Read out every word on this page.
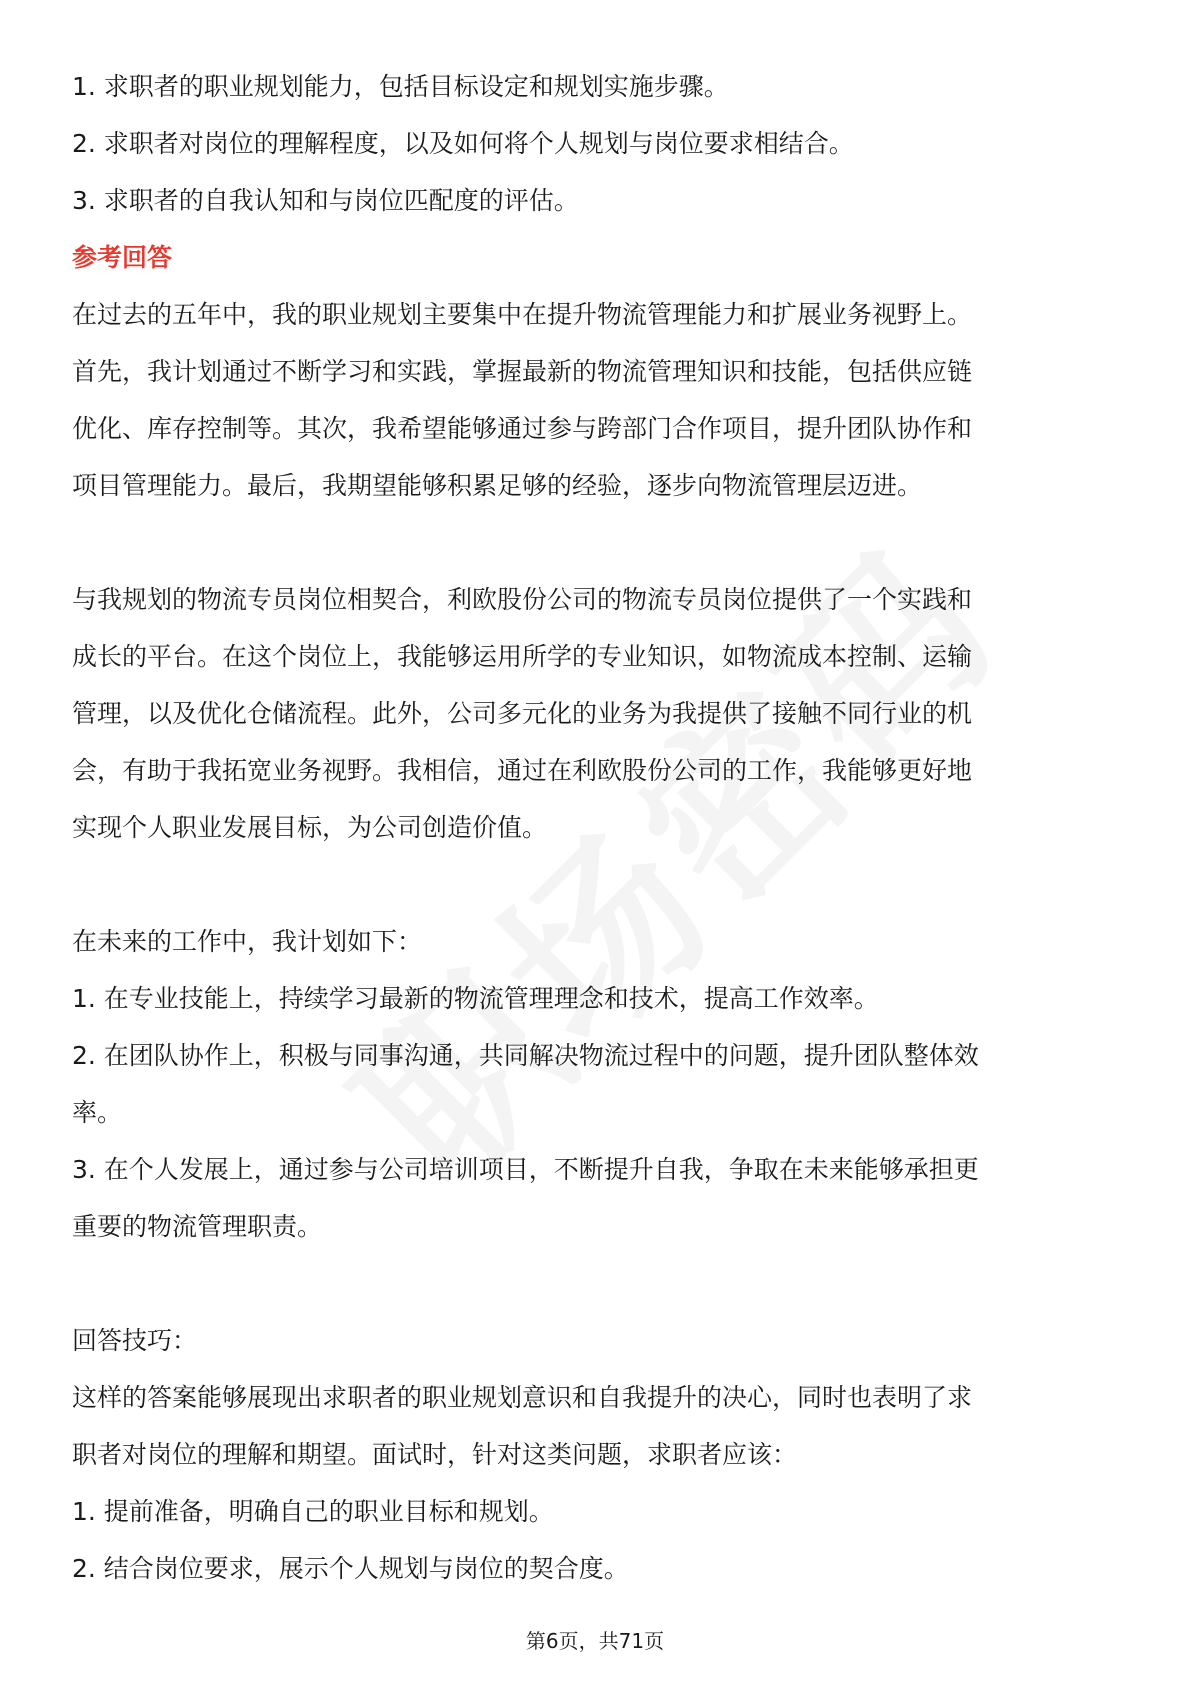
1. 求职者的职业规划能力，包括目标设定和规划实施步骤。
2. 求职者对岗位的理解程度，以及如何将个人规划与岗位要求相结合。
3. 求职者的自我认知和与岗位匹配度的评估。
参考回答
在过去的五年中，我的职业规划主要集中在提升物流管理能力和扩展业务视野上。
首先，我计划通过不断学习和实践，掌握最新的物流管理知识和技能，包括供应链
优化、库存控制等。其次，我希望能够通过参与跨部门合作项目，提升团队协作和
项目管理能力。最后，我期望能够积累足够的经验，逐步向物流管理层迈进。
与我规划的物流专员岗位相契合，利欧股份公司的物流专员岗位提供了一个实践和
成长的平台。在这个岗位上，我能够运用所学的专业知识，如物流成本控制、运输
管理，以及优化仓储流程。此外，公司多元化的业务为我提供了接触不同行业的机
会，有助于我拓宽业务视野。我相信，通过在利欧股份公司的工作，我能够更好地
实现个人职业发展目标，为公司创造价值。
在未来的工作中，我计划如下：
1. 在专业技能上，持续学习最新的物流管理理念和技术，提高工作效率。
2. 在团队协作上，积极与同事沟通，共同解决物流过程中的问题，提升团队整体效
率。
3. 在个人发展上，通过参与公司培训项目，不断提升自我，争取在未来能够承担更
重要的物流管理职责。
回答技巧：
这样的答案能够展现出求职者的职业规划意识和自我提升的决心，同时也表明了求
职者对岗位的理解和期望。面试时，针对这类问题，求职者应该：
1. 提前准备，明确自己的职业目标和规划。
2. 结合岗位要求，展示个人规划与岗位的契合度。
第6页，共71页
